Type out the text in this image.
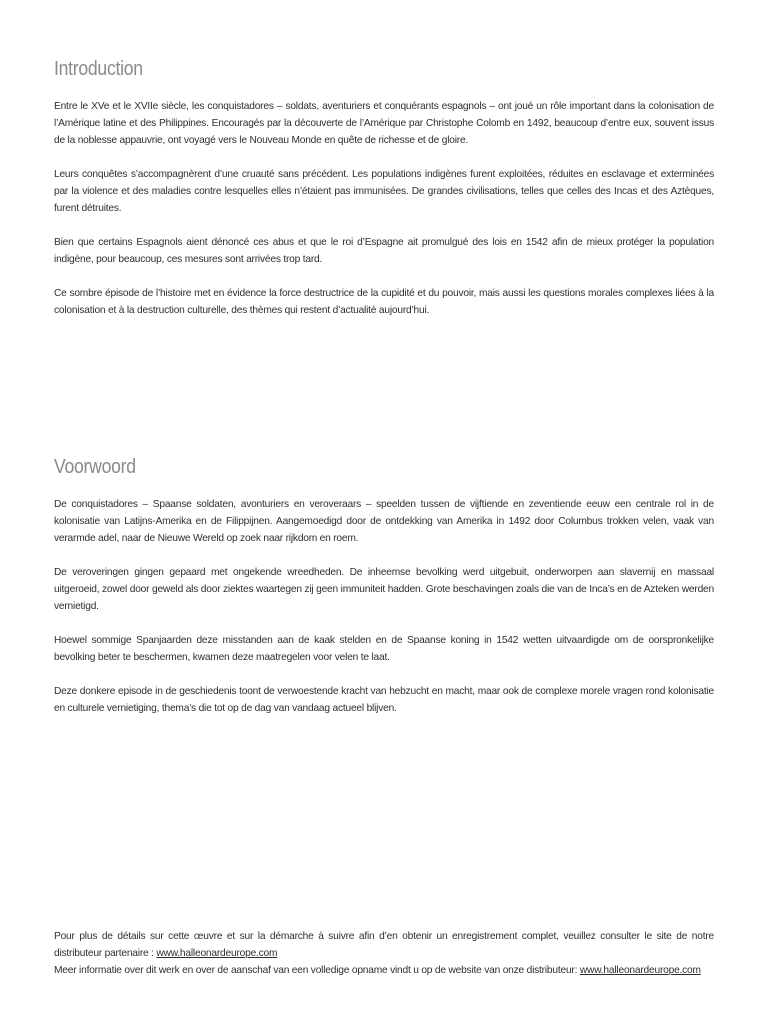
Introduction

Entre le XVe et le XVIIe siècle, les conquistadores – soldats, aventuriers et conquérants espagnols – ont joué un rôle important dans la colonisation de l’Amérique latine et des Philippines. Encouragés par la découverte de l’Amérique par Christophe Colomb en 1492, beaucoup d’entre eux, souvent issus de la noblesse appauvrie, ont voyagé vers le Nouveau Monde en quête de richesse et de gloire.

Leurs conquêtes s’accompagnèrent d’une cruauté sans précédent. Les populations indigènes furent exploitées, réduites en esclavage et exterminées par la violence et des maladies contre lesquelles elles n’étaient pas immunisées. De grandes civilisations, telles que celles des Incas et des Aztèques, furent détruites.

Bien que certains Espagnols aient dénoncé ces abus et que le roi d’Espagne ait promulgué des lois en 1542 afin de mieux protéger la population indigène, pour beaucoup, ces mesures sont arrivées trop tard.

Ce sombre épisode de l’histoire met en évidence la force destructrice de la cupidité et du pouvoir, mais aussi les questions morales complexes liées à la colonisation et à la destruction culturelle, des thèmes qui restent d’actualité aujourd’hui.

Voorwoord

De conquistadores – Spaanse soldaten, avonturiers en veroveraars – speelden tussen de vijftiende en zeventiende eeuw een centrale rol in de kolonisatie van Latijns-Amerika en de Filippijnen. Aangemoedigd door de ontdekking van Amerika in 1492 door Columbus trokken velen, vaak van verarmde adel, naar de Nieuwe Wereld op zoek naar rijkdom en roem.

De veroveringen gingen gepaard met ongekende wreedheden. De inheemse bevolking werd uitgebuit, onderworpen aan slavernij en massaal uitgeroeid, zowel door geweld als door ziektes waartegen zij geen immuniteit hadden. Grote beschavingen zoals die van de Inca’s en de Azteken werden vernietigd.

Hoewel sommige Spanjaarden deze misstanden aan de kaak stelden en de Spaanse koning in 1542 wetten uitvaardigde om de oorspronkelijke bevolking beter te beschermen, kwamen deze maatregelen voor velen te laat.

Deze donkere episode in de geschiedenis toont de verwoestende kracht van hebzucht en macht, maar ook de complexe morele vragen rond kolonisatie en culturele vernietiging, thema’s die tot op de dag van vandaag actueel blijven.

Pour plus de détails sur cette œuvre et sur la démarche à suivre afin d’en obtenir un enregistrement complet, veuillez consulter le site de notre distributeur partenaire : www.halleonardeurope.com

Meer informatie over dit werk en over de aanschaf van een volledige opname vindt u op de website van onze distributeur: www.halleonardeurope.com
